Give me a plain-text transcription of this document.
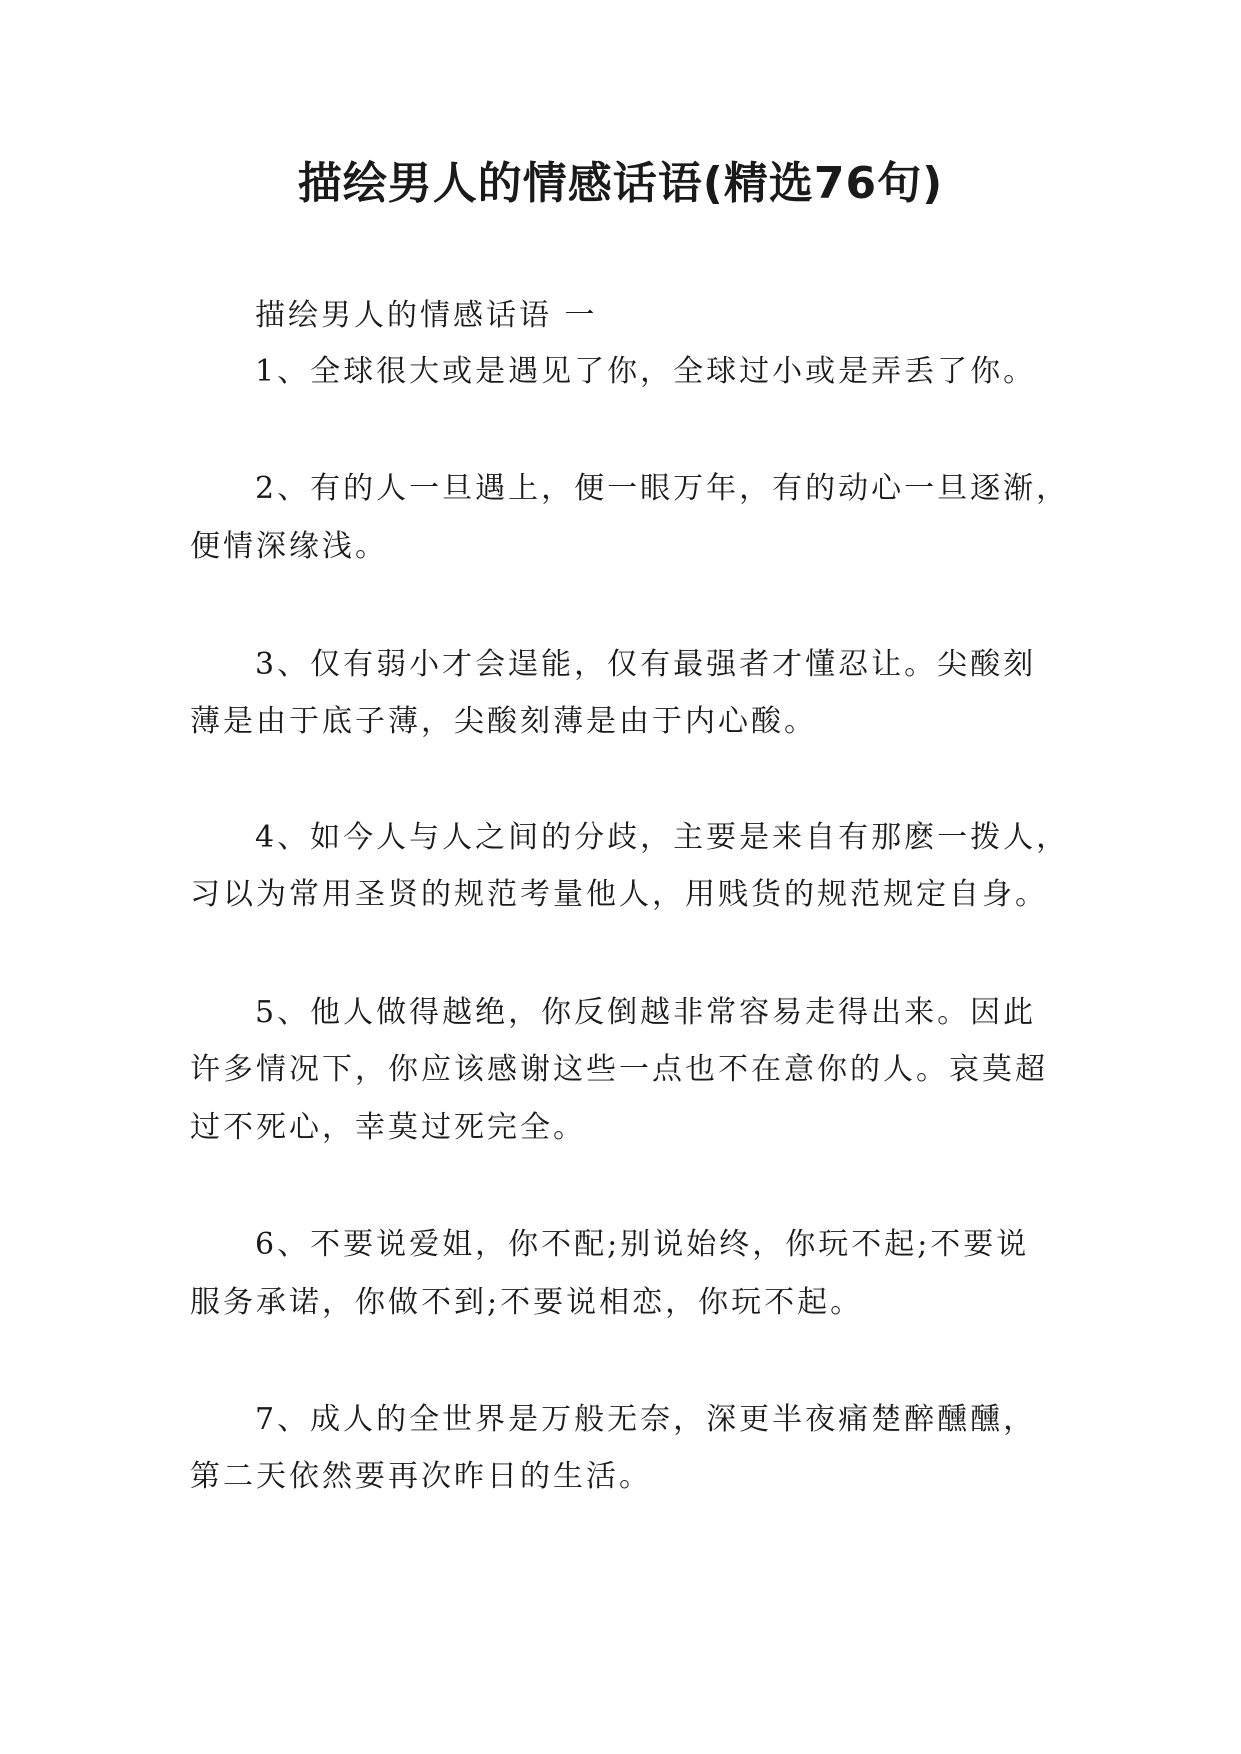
描绘男人的情感话语(精选76句)
描绘男人的情感话语 一
1、全球很大或是遇见了你，全球过小或是弄丢了你。
2、有的人一旦遇上，便一眼万年，有的动心一旦逐渐，
便情深缘浅。
3、仅有弱小才会逞能，仅有最强者才懂忍让。尖酸刻
薄是由于底子薄，尖酸刻薄是由于内心酸。
4、如今人与人之间的分歧，主要是来自有那麽一拨人，
习以为常用圣贤的规范考量他人，用贱货的规范规定自身。
5、他人做得越绝，你反倒越非常容易走得出来。因此
许多情况下，你应该感谢这些一点也不在意你的人。哀莫超
过不死心，幸莫过死完全。
6、不要说爱姐，你不配;别说始终，你玩不起;不要说
服务承诺，你做不到;不要说相恋，你玩不起。
7、成人的全世界是万般无奈，深更半夜痛楚醉醺醺，
第二天依然要再次昨日的生活。
